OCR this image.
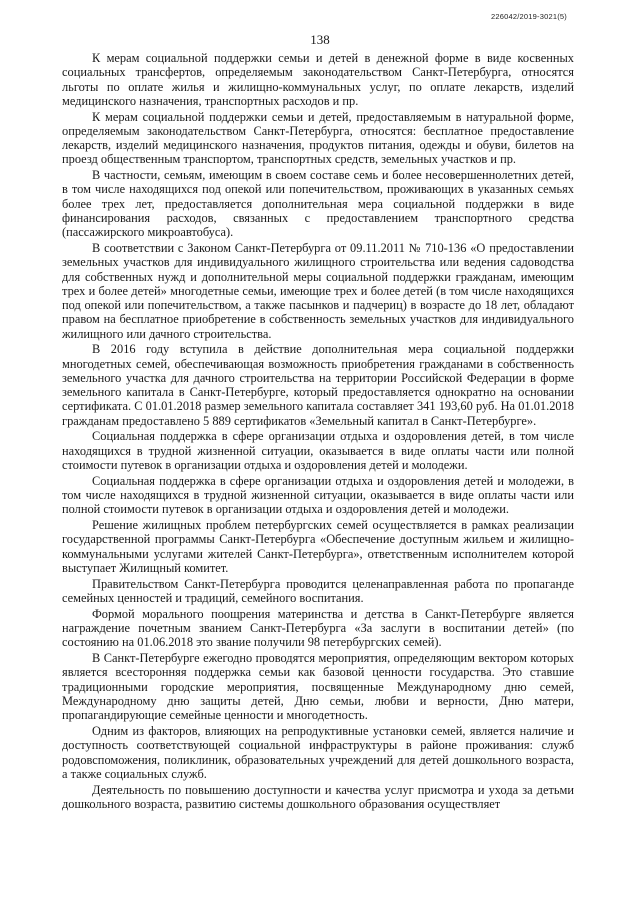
226042/2019-3021(5)
138

К мерам социальной поддержки семьи и детей в денежной форме в виде косвенных социальных трансфертов, определяемым законодательством Санкт-Петербурга, относятся льготы по оплате жилья и жилищно-коммунальных услуг, по оплате лекарств, изделий медицинского назначения, транспортных расходов и пр.

К мерам социальной поддержки семьи и детей, предоставляемым в натуральной форме, определяемым законодательством Санкт-Петербурга, относятся: бесплатное предоставление лекарств, изделий медицинского назначения, продуктов питания, одежды и обуви, билетов на проезд общественным транспортом, транспортных средств, земельных участков и пр.

В частности, семьям, имеющим в своем составе семь и более несовершеннолетних детей, в том числе находящихся под опекой или попечительством, проживающих в указанных семьях более трех лет, предоставляется дополнительная мера социальной поддержки в виде финансирования расходов, связанных с предоставлением транспортного средства (пассажирского микроавтобуса).

В соответствии с Законом Санкт-Петербурга от 09.11.2011 № 710-136 «О предоставлении земельных участков для индивидуального жилищного строительства или ведения садоводства для собственных нужд и дополнительной меры социальной поддержки гражданам, имеющим трех и более детей» многодетные семьи, имеющие трех и более детей (в том числе находящихся под опекой или попечительством, а также пасынков и падчериц) в возрасте до 18 лет, обладают правом на бесплатное приобретение в собственность земельных участков для индивидуального жилищного или дачного строительства.

В 2016 году вступила в действие дополнительная мера социальной поддержки многодетных семей, обеспечивающая возможность приобретения гражданами в собственность земельного участка для дачного строительства на территории Российской Федерации в форме земельного капитала в Санкт-Петербурге, который предоставляется однократно на основании сертификата. С 01.01.2018 размер земельного капитала составляет 341 193,60 руб. На 01.01.2018 гражданам предоставлено 5 889 сертификатов «Земельный капитал в Санкт-Петербурге».

Социальная поддержка в сфере организации отдыха и оздоровления детей, в том числе находящихся в трудной жизненной ситуации, оказывается в виде оплаты части или полной стоимости путевок в организации отдыха и оздоровления детей и молодежи.

Социальная поддержка в сфере организации отдыха и оздоровления детей и молодежи, в том числе находящихся в трудной жизненной ситуации, оказывается в виде оплаты части или полной стоимости путевок в организации отдыха и оздоровления детей и молодежи.

Решение жилищных проблем петербургских семей осуществляется в рамках реализации государственной программы Санкт-Петербурга «Обеспечение доступным жильем и жилищно-коммунальными услугами жителей Санкт-Петербурга», ответственным исполнителем которой выступает Жилищный комитет.

Правительством Санкт-Петербурга проводится целенаправленная работа по пропаганде семейных ценностей и традиций, семейного воспитания.

Формой морального поощрения материнства и детства в Санкт-Петербурге является награждение почетным званием Санкт-Петербурга «За заслуги в воспитании детей» (по состоянию на 01.06.2018 это звание получили 98 петербургских семей).

В Санкт-Петербурге ежегодно проводятся мероприятия, определяющим вектором которых является всесторонняя поддержка семьи как базовой ценности государства. Это ставшие традиционными городские мероприятия, посвященные Международному дню семей, Международному дню защиты детей, Дню семьи, любви и верности, Дню матери, пропагандирующие семейные ценности и многодетность.

Одним из факторов, влияющих на репродуктивные установки семей, является наличие и доступность соответствующей социальной инфраструктуры в районе проживания: служб родовспоможения, поликлиник, образовательных учреждений для детей дошкольного возраста, а также социальных служб.

Деятельность по повышению доступности и качества услуг присмотра и ухода за детьми дошкольного возраста, развитию системы дошкольного образования осуществляет
